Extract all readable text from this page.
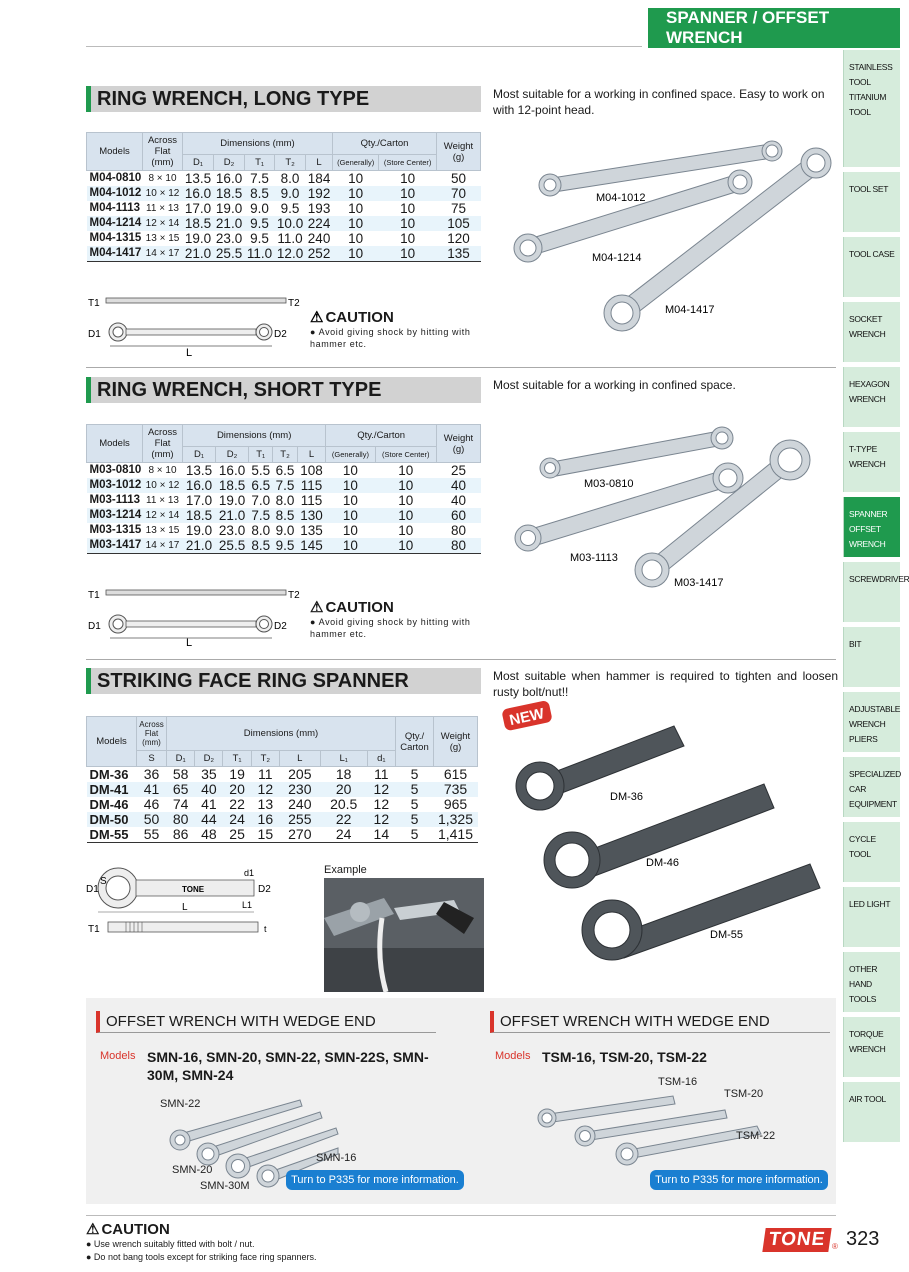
SPANNER / OFFSET WRENCH
STAINLESS TOOL TITANIUM TOOL
TOOL SET
TOOL CASE
SOCKET WRENCH
HEXAGON WRENCH
T-TYPE WRENCH
SPANNER OFFSET WRENCH
SCREWDRIVER
BIT
ADJUSTABLE WRENCH PLIERS
SPECIALIZED CAR EQUIPMENT
CYCLE TOOL
LED LIGHT
OTHER HAND TOOLS
TORQUE WRENCH
AIR TOOL
RING WRENCH, LONG TYPE	Most suitable for a working in confined space. Easy to work on with 12-point head.
Models	Across Flat (mm)	Dimensions (mm)					Qty./Carton		Weight (g)
		D₁	D₂	T₁	T₂	L	(Generally)	(Store Center)	
M04-0810	8 × 10	13.5	16.0	7.5	8.0	184	10	10	50
M04-1012	10 × 12	16.0	18.5	8.5	9.0	192	10	10	70
M04-1113	11 × 13	17.0	19.0	9.0	9.5	193	10	10	75
M04-1214	12 × 14	18.5	21.0	9.5	10.0	224	10	10	105
M04-1315	13 × 15	19.0	23.0	9.5	11.0	240	10	10	120
M04-1417	14 × 17	21.0	25.5	11.0	12.0	252	10	10	135
T1	T2
D1	D2
L
⚠ CAUTION
● Avoid giving shock by hitting with hammer etc.
M04-1012
M04-1214
M04-1417
RING WRENCH, SHORT TYPE	Most suitable for a working in confined space.
Models	Across Flat (mm)	Dimensions (mm)					Qty./Carton		Weight (g)
		D₁	D₂	T₁	T₂	L	(Generally)	(Store Center)	
M03-0810	8 × 10	13.5	16.0	5.5	6.5	108	10	10	25
M03-1012	10 × 12	16.0	18.5	6.5	7.5	115	10	10	40
M03-1113	11 × 13	17.0	19.0	7.0	8.0	115	10	10	40
M03-1214	12 × 14	18.5	21.0	7.5	8.5	130	10	10	60
M03-1315	13 × 15	19.0	23.0	8.0	9.0	135	10	10	80
M03-1417	14 × 17	21.0	25.5	8.5	9.5	145	10	10	80
T1	T2
D1	D2
L
⚠ CAUTION
● Avoid giving shock by hitting with hammer etc.
M03-0810
M03-1113
M03-1417
STRIKING FACE RING SPANNER	Most suitable when hammer is required to tighten and loosen rusty bolt/nut!!
Models	Across Flat (mm)	Dimensions (mm)							Qty./ Carton	Weight (g)
	S	D₁	D₂	T₁	T₂	L	L₁	d₁		
DM-36	36	58	35	19	11	205	18	11	5	615
DM-41	41	65	40	20	12	230	20	12	5	735
DM-46	46	74	41	22	13	240	20.5	12	5	965
DM-50	50	80	44	24	16	255	22	12	5	1,325
DM-55	55	86	48	25	15	270	24	14	5	1,415
TONE
D1
S
D2
d1
L	L1
T1	t
Example
NEW
DM-36
DM-46
DM-55
OFFSET WRENCH WITH WEDGE END
Models SMN-16, SMN-20, SMN-22, SMN-22S, SMN-30M, SMN-24
SMN-22
SMN-16
SMN-20
SMN-30M	Turn to P335 for more information.
OFFSET WRENCH WITH WEDGE END
Models TSM-16, TSM-20, TSM-22
TSM-16
TSM-20
TSM-22
Turn to P335 for more information.
⚠ CAUTION
● Use wrench suitably fitted with bolt / nut.
● Do not bang tools except for striking face ring spanners.
TONE ® 323
